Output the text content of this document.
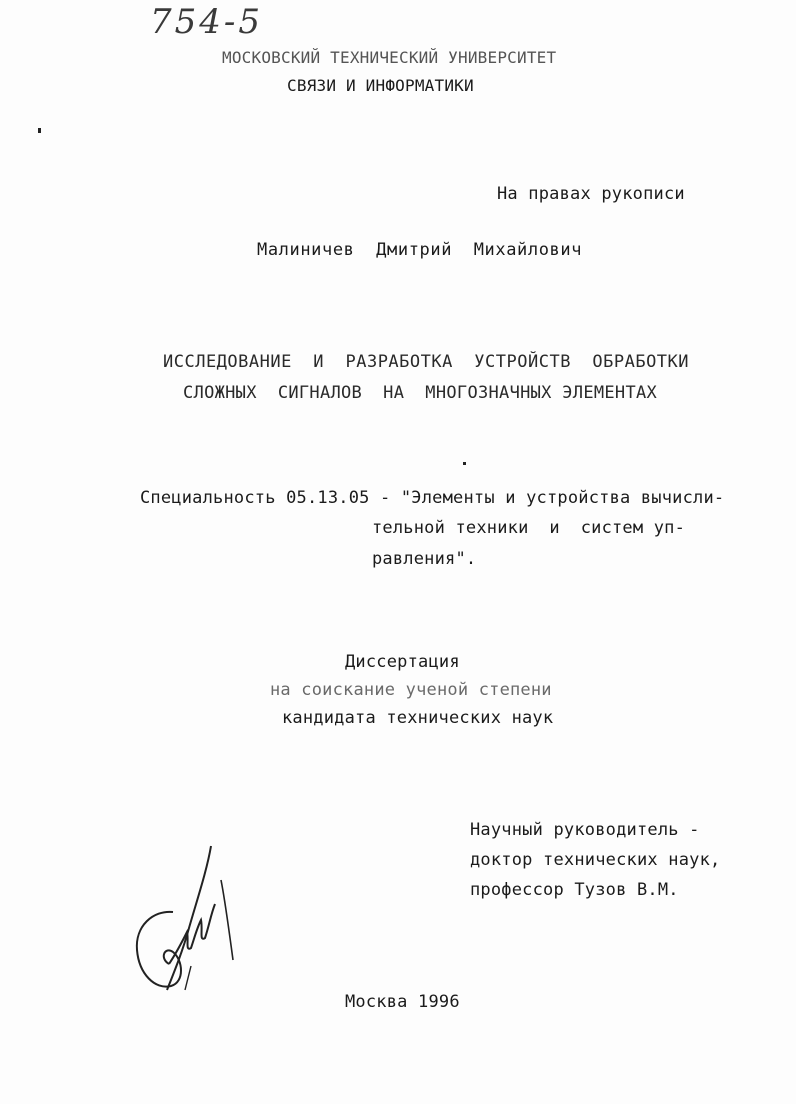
754-5
МОСКОВСКИЙ ТЕХНИЧЕСКИЙ УНИВЕРСИТЕТ
СВЯЗИ И ИНФОРМАТИКИ
На правах рукописи
Малиничев  Дмитрий  Михайлович
ИССЛЕДОВАНИЕ  И  РАЗРАБОТКА  УСТРОЙСТВ  ОБРАБОТКИ
СЛОЖНЫХ  СИГНАЛОВ  НА  МНОГОЗНАЧНЫХ ЭЛЕМЕНТАХ
Специальность 05.13.05 - "Элементы и устройства вычисли-
тельной техники  и  систем уп-
равления".
Диссертация
на соискание ученой степени
кандидата технических наук
Научный руководитель -
доктор технических наук,
профессор Тузов В.М.
Москва 1996
